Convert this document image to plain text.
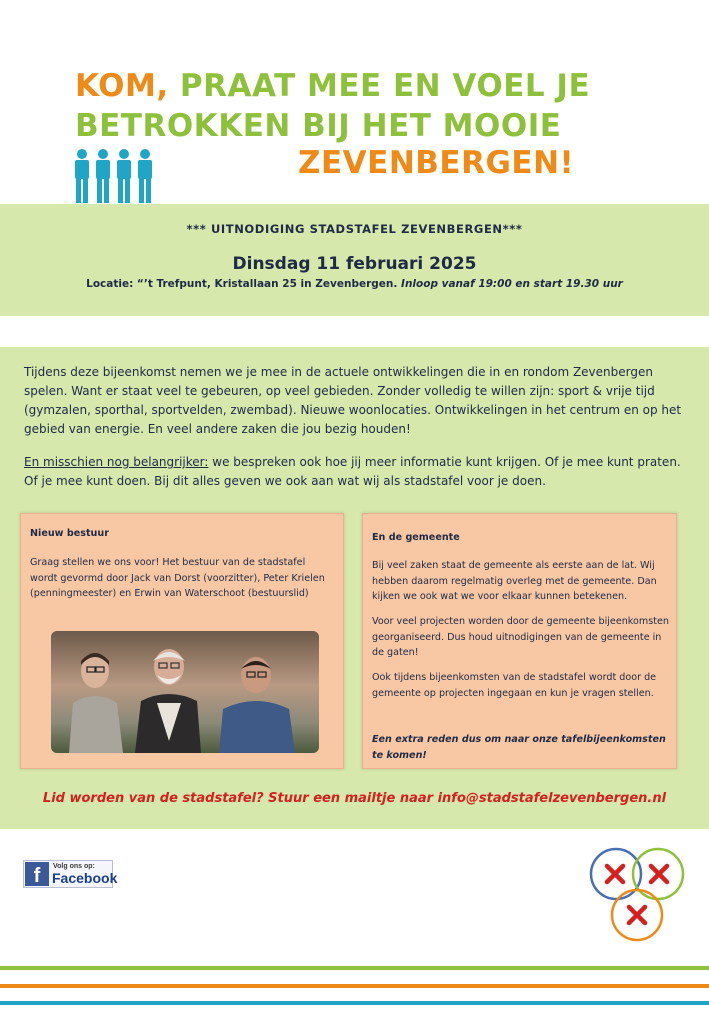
KOM, PRAAT MEE EN VOEL JE
BETROKKEN BIJ HET MOOIE
ZEVENBERGEN!
*** UITNODIGING STADSTAFEL ZEVENBERGEN***
Dinsdag 11 februari 2025
Locatie: “’t Trefpunt, Kristallaan 25 in Zevenbergen. Inloop vanaf 19:00 en start 19.30 uur

Tijdens deze bijeenkomst nemen we je mee in de actuele ontwikkelingen die in en rondom Zevenbergen spelen. Want er staat veel te gebeuren, op veel gebieden. Zonder volledig te willen zijn: sport & vrije tijd (gymzalen, sporthal, sportvelden, zwembad). Nieuwe woonlocaties. Ontwikkelingen in het centrum en op het gebied van energie. En veel andere zaken die jou bezig houden!

En misschien nog belangrijker: we bespreken ook hoe jij meer informatie kunt krijgen. Of je mee kunt praten. Of je mee kunt doen. Bij dit alles geven we ook aan wat wij als stadstafel voor je doen.

Nieuw bestuur
Graag stellen we ons voor! Het bestuur van de stadstafel wordt gevormd door Jack van Dorst (voorzitter), Peter Krielen (penningmeester) en Erwin van Waterschoot (bestuurslid)
En de gemeente
Bij veel zaken staat de gemeente als eerste aan de lat. Wij hebben daarom regelmatig overleg met de gemeente. Dan kijken we ook wat we voor elkaar kunnen betekenen.
Voor veel projecten worden door de gemeente bijeenkomsten georganiseerd. Dus houd uitnodigingen van de gemeente in de gaten!
Ook tijdens bijeenkomsten van de stadstafel wordt door de gemeente op projecten ingegaan en kun je vragen stellen.
Een extra reden dus om naar onze tafelbijeenkomsten te komen!
Lid worden van de stadstafel? Stuur een mailtje naar info@stadstafelzevenbergen.nl
f	Volg ons op:
Facebook
